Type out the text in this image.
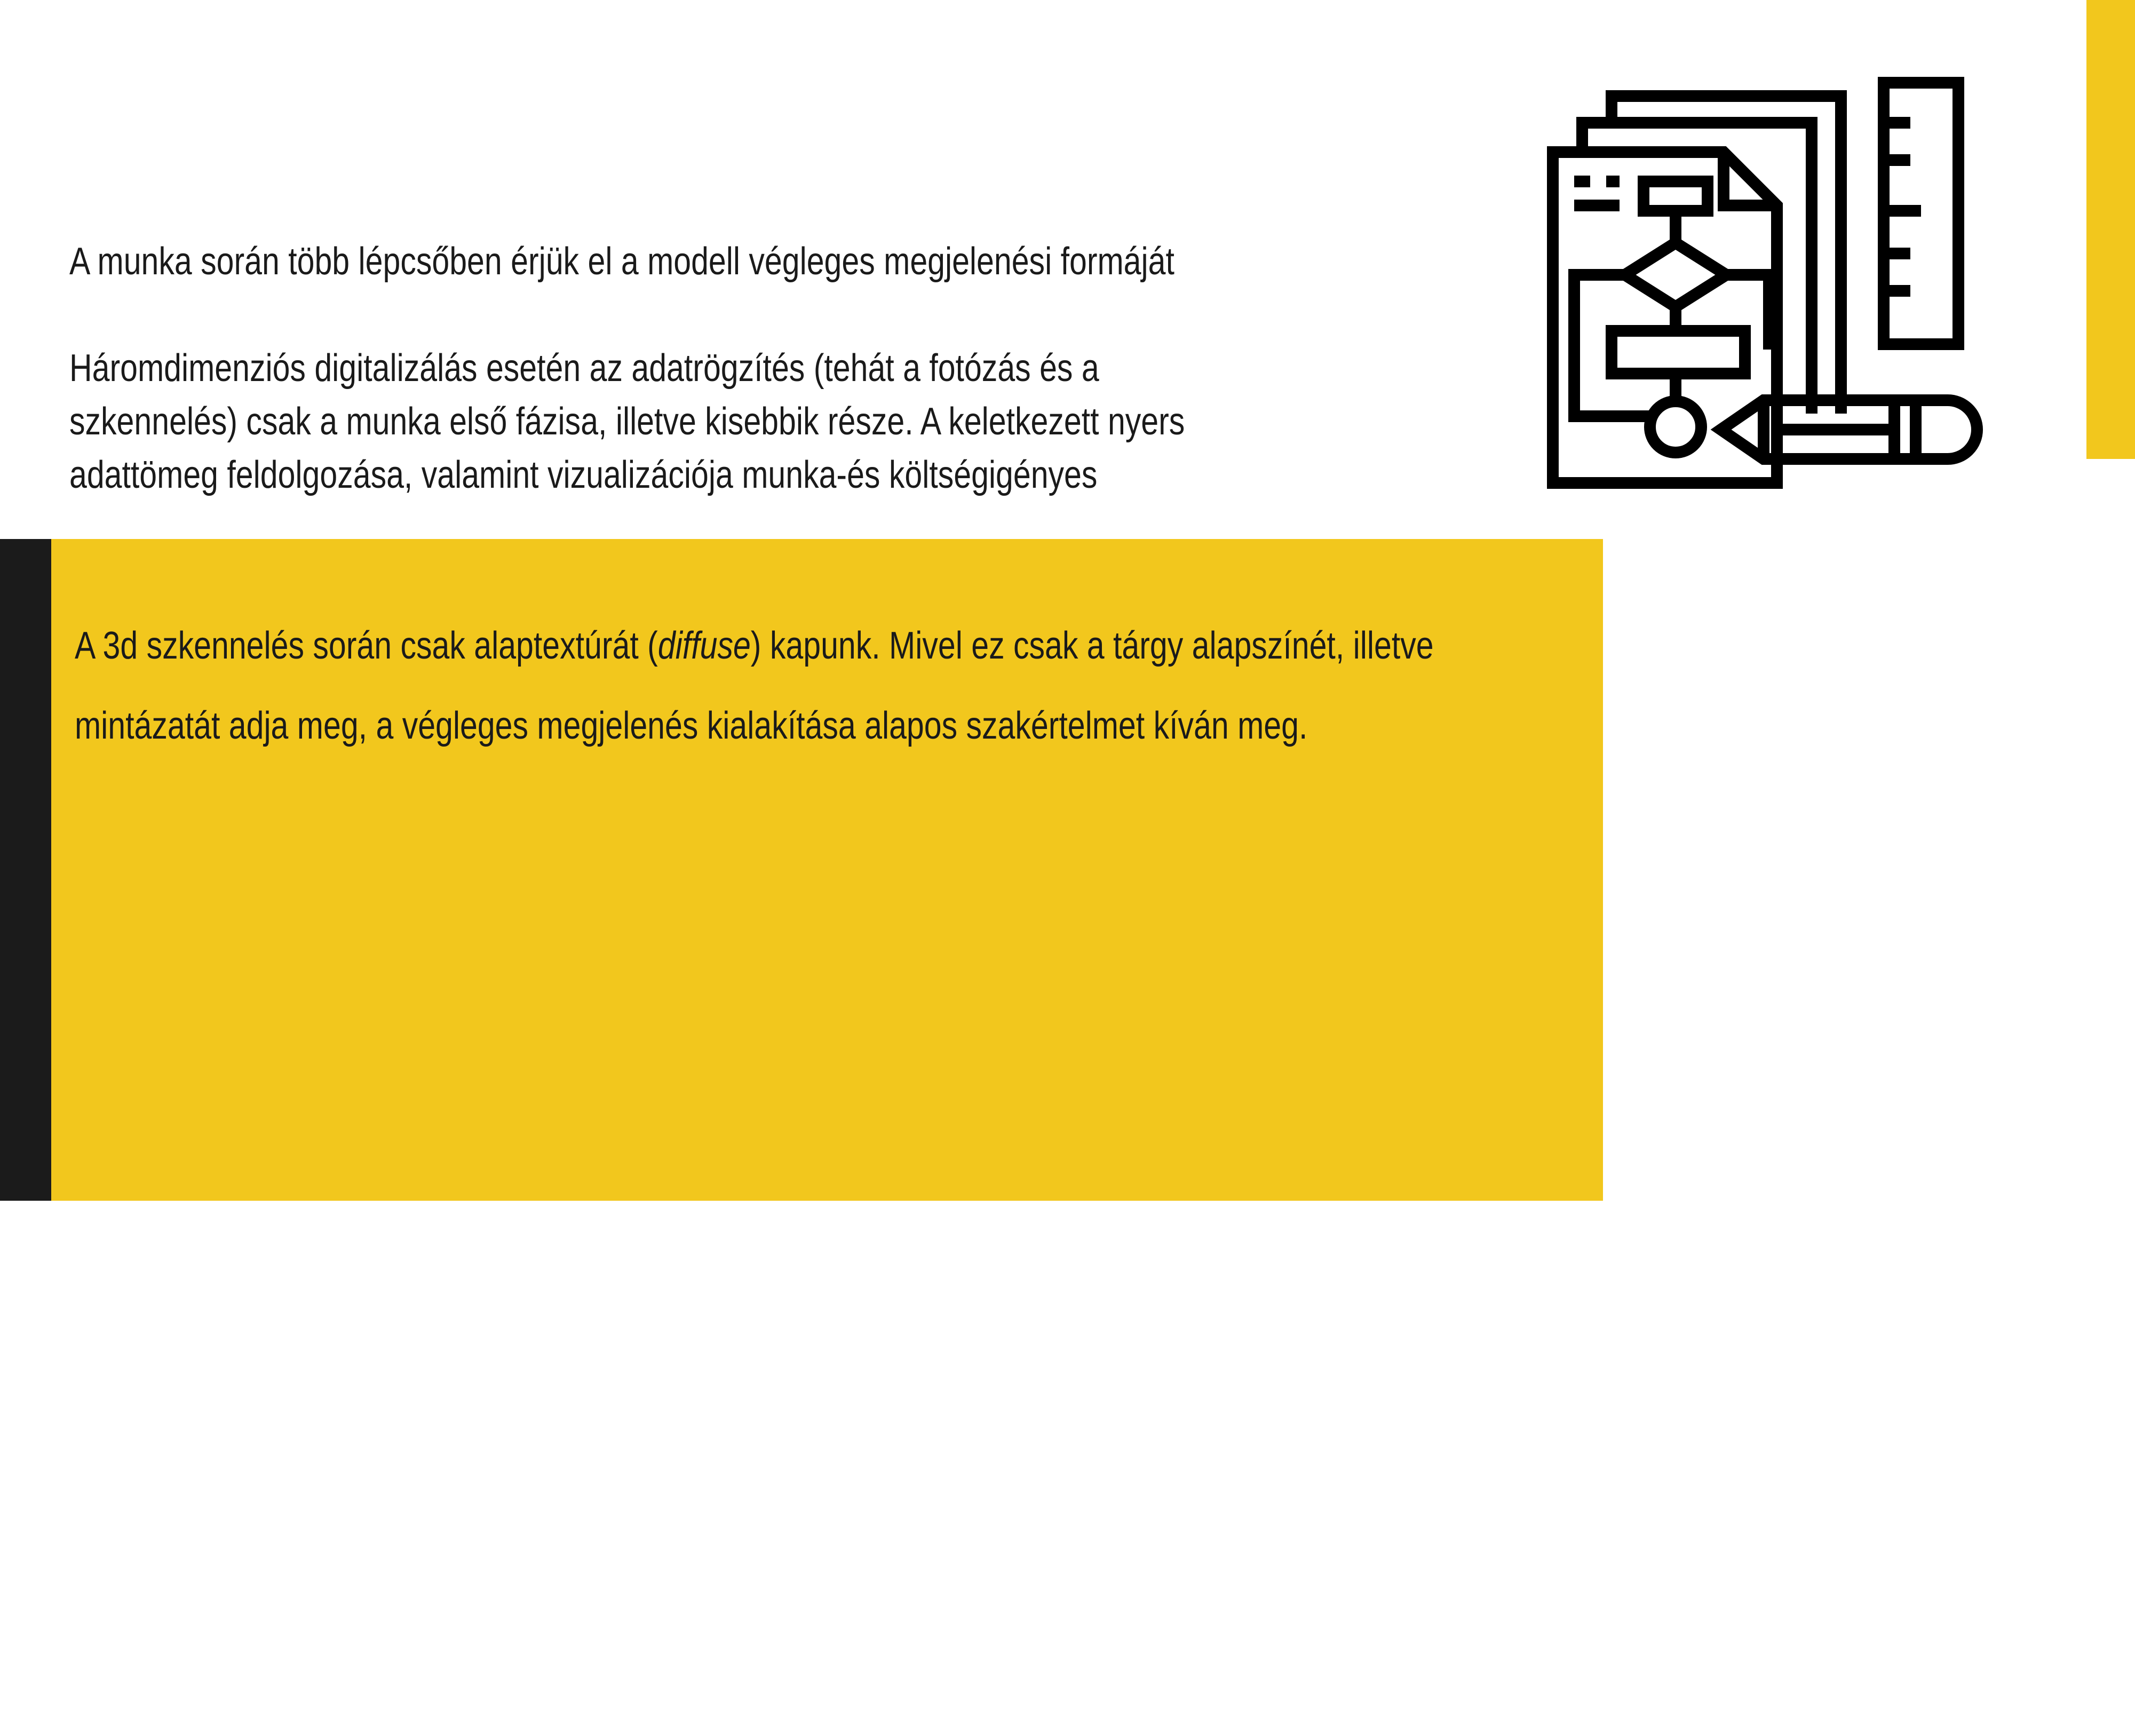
A munka során több lépcsőben érjük el a modell végleges megjelenési formáját

Háromdimenziós digitalizálás esetén az adatrögzítés (tehát a fotózás és a

szkennelés) csak a munka első fázisa, illetve kisebbik része. A keletkezett nyers

adattömeg feldolgozása, valamint vizualizációja munka-és költségigényes

SLIDESMANIA.COM

A 3d szkennelés során csak alaptextúrát (diffuse) kapunk. Mivel ez csak a tárgy alapszínét, illetve

mintázatát adja meg, a végleges megjelenés kialakítása alapos szakértelmet kíván meg.
